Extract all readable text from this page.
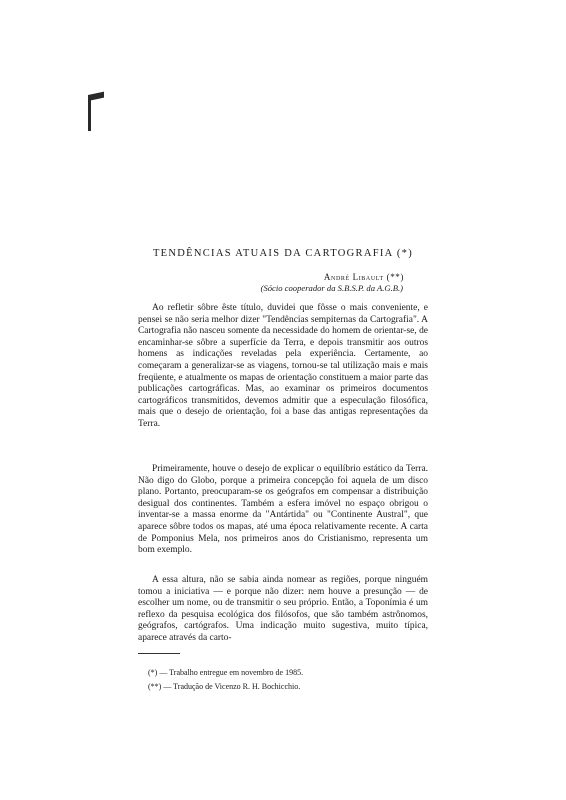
TENDÊNCIAS ATUAIS DA CARTOGRAFIA (*)
André Libault (**)
(Sócio cooperador da S.B.S.P. da A.G.B.)

Ao refletir sôbre êste título, duvidei que fôsse o mais conveniente, e pensei se não seria melhor dizer "Tendências sempiternas da Cartografia". A Cartografia não nasceu somente da necessidade do homem de orientar-se, de encaminhar-se sôbre a superfície da Terra, e depois transmitir aos outros homens as indicações reveladas pela experiência. Certamente, ao começaram a generalizar-se as viagens, tornou-se tal utilização mais e mais freqüente, e atualmente os mapas de orientação constituem a maior parte das publicações cartográficas. Mas, ao examinar os primeiros documentos cartográficos transmitidos, devemos admitir que a especulação filosófica, mais que o desejo de orientação, foi a base das antigas representações da Terra.

Primeiramente, houve o desejo de explicar o equilíbrio estático da Terra. Não digo do Globo, porque a primeira concepção foi aquela de um disco plano. Portanto, preocuparam-se os geógrafos em compensar a distribuição desigual dos continentes. Também a esfera imóvel no espaço obrigou o inventar-se a massa enorme da "Antártida" ou "Continente Austral", que aparece sôbre todos os mapas, até uma época relativamente recente. A carta de Pomponius Mela, nos primeiros anos do Cristianismo, representa um bom exemplo.

A essa altura, não se sabia ainda nomear as regiões, porque ninguém tomou a iniciativa — e porque não dizer: nem houve a presunção — de escolher um nome, ou de transmitir o seu próprio. Então, a Toponímia é um reflexo da pesquisa ecológica dos filósofos, que são também astrônomos, geógrafos, cartógrafos. Uma indicação muito sugestiva, muito típica, aparece através da carto-

(*) — Trabalho entregue em novembro de 1985.
(**) — Tradução de Vicenzo R. H. Bochicchio.
